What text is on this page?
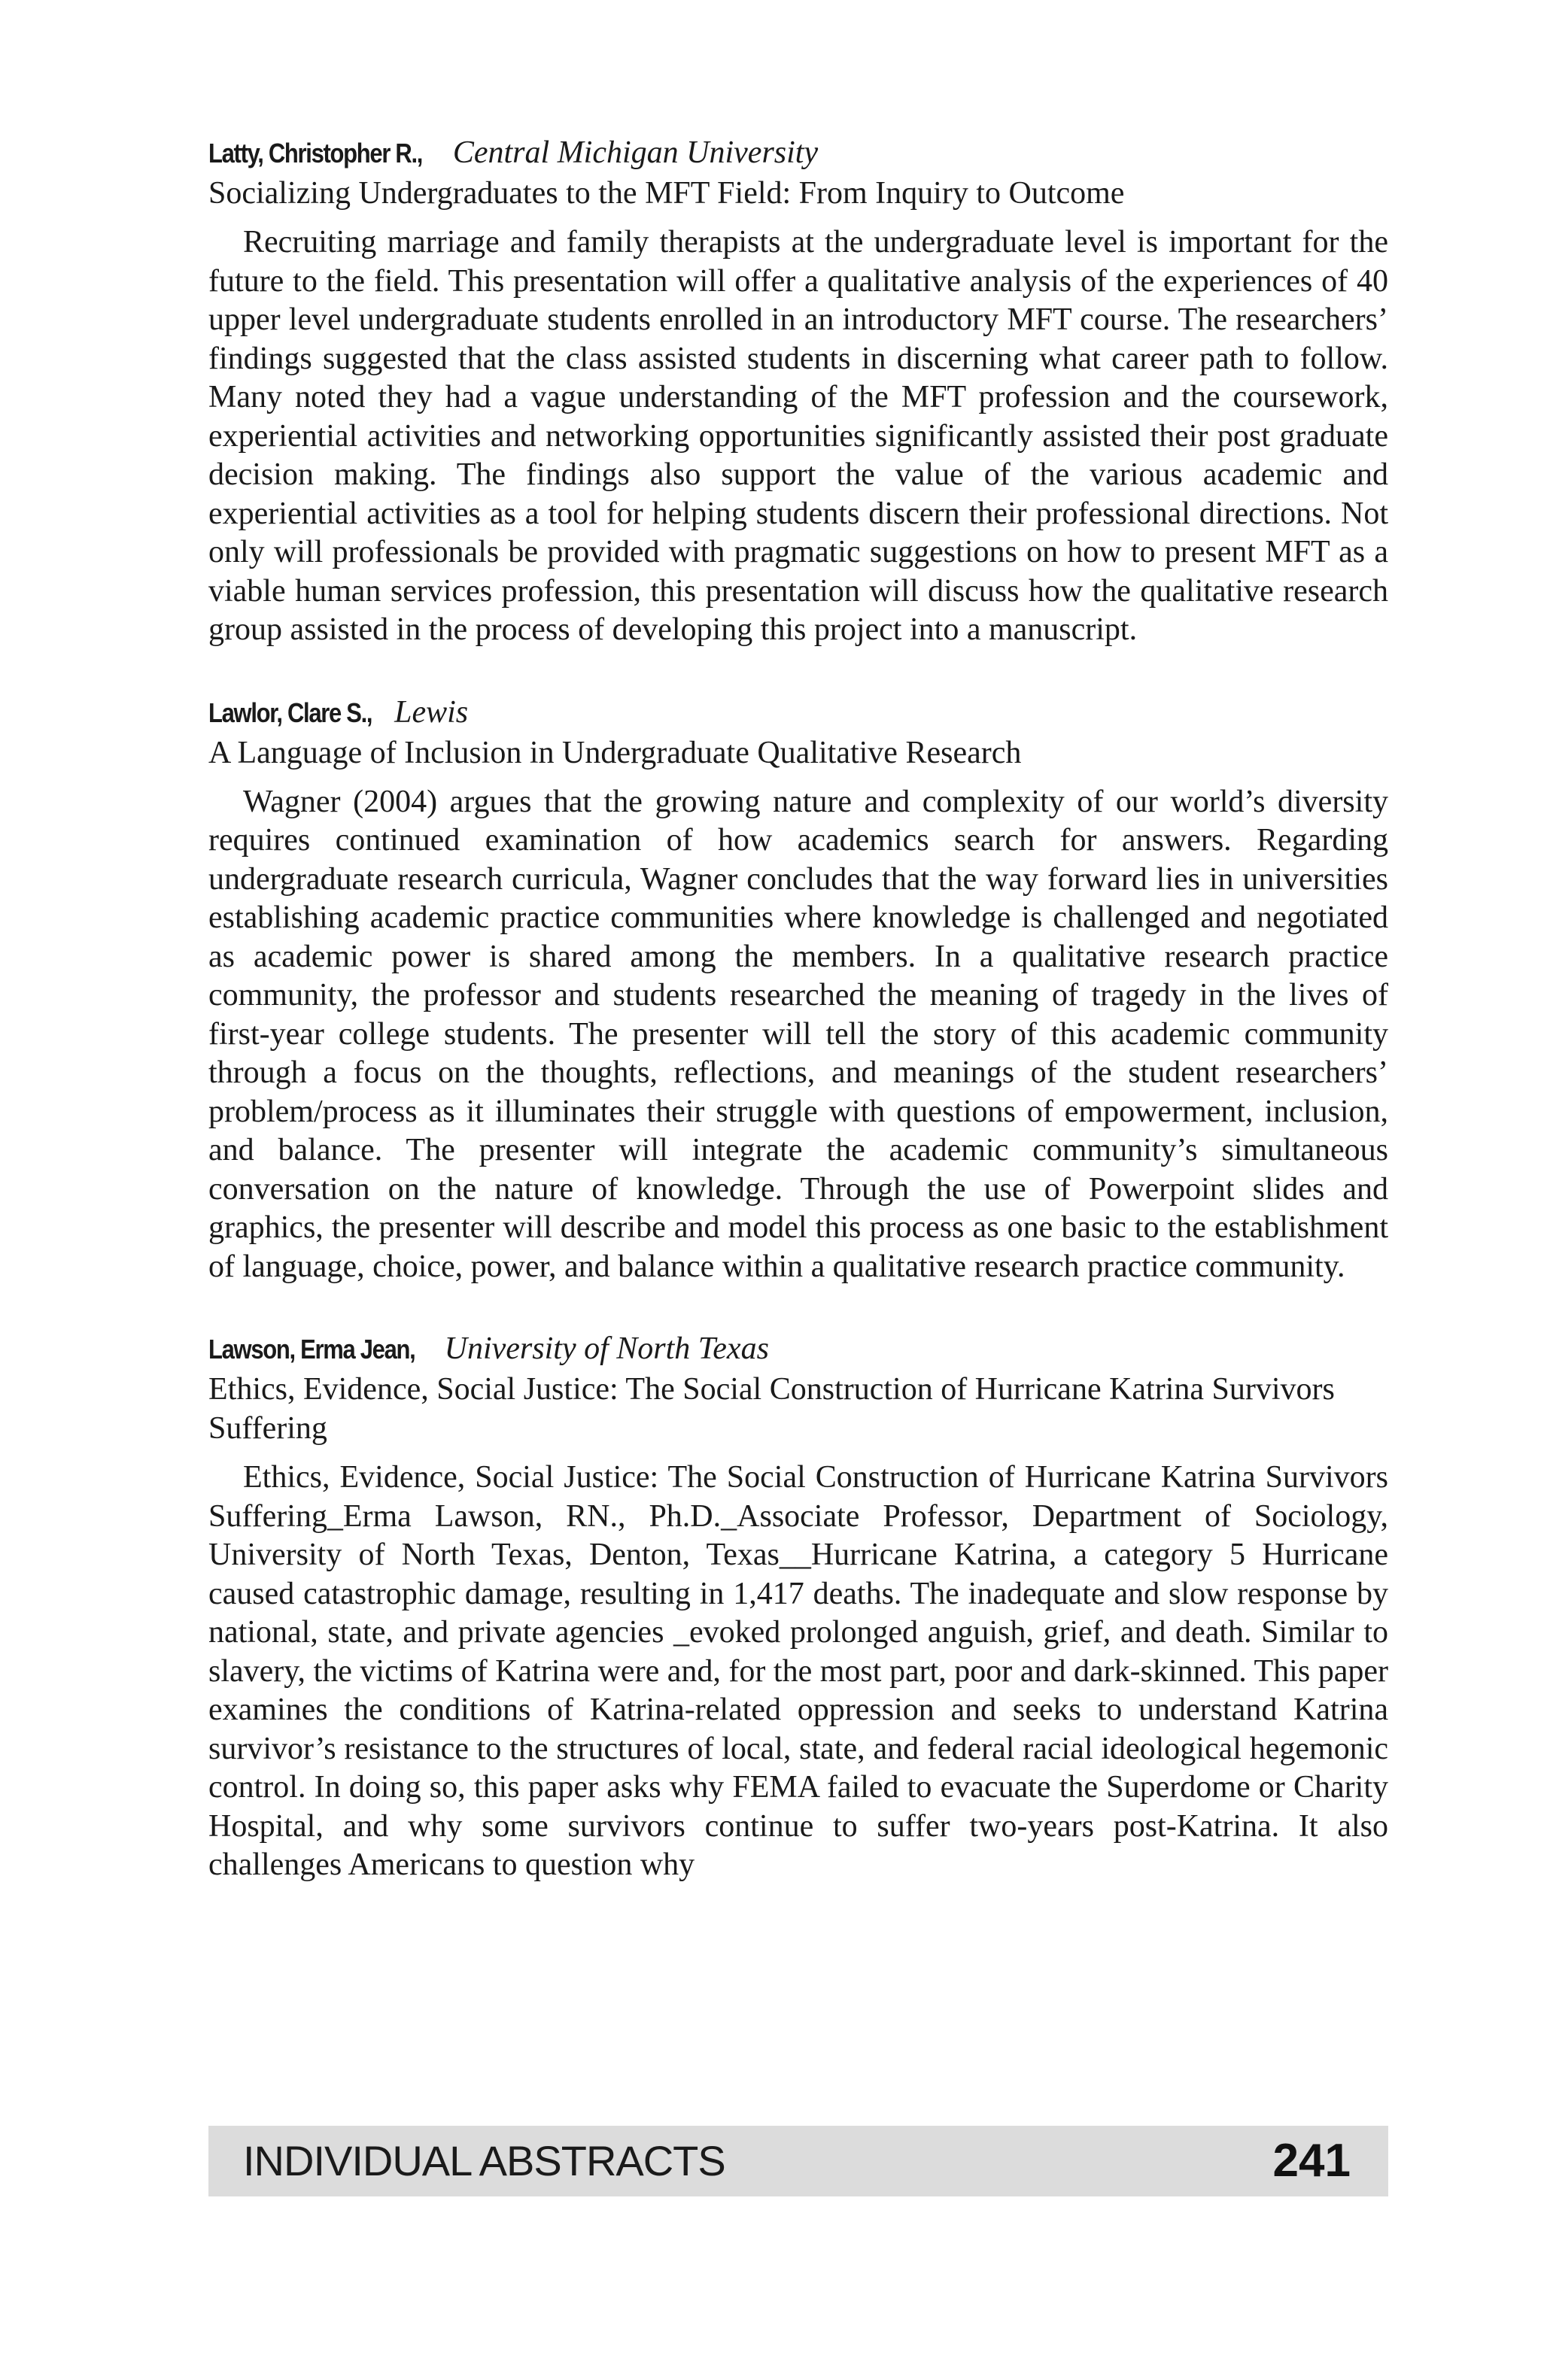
Latty, Christopher R., Central Michigan University

Socializing Undergraduates to the MFT Field: From Inquiry to Outcome

Recruiting marriage and family therapists at the undergraduate level is important for the future to the field. This presentation will offer a qualitative analysis of the experiences of 40 upper level undergraduate students enrolled in an introductory MFT course. The researchers’ findings suggested that the class assisted students in discerning what career path to follow. Many noted they had a vague understanding of the MFT profession and the coursework, experiential activities and networking opportunities significantly assisted their post graduate decision making. The findings also support the value of the various academic and experiential activities as a tool for helping students discern their professional directions. Not only will professionals be provided with pragmatic suggestions on how to present MFT as a viable human services profession, this presentation will discuss how the qualitative research group assisted in the process of developing this project into a manuscript.

Lawlor, Clare S., Lewis

A Language of Inclusion in Undergraduate Qualitative Research

Wagner (2004) argues that the growing nature and complexity of our world’s diversity requires continued examination of how academics search for answers. Regarding undergraduate research curricula, Wagner concludes that the way forward lies in universities establishing academic practice communities where knowledge is challenged and negotiated as academic power is shared among the members. In a qualitative research practice community, the professor and students researched the meaning of tragedy in the lives of first-year college students. The presenter will tell the story of this academic community through a focus on the thoughts, reflections, and meanings of the student researchers’ problem/process as it illuminates their struggle with questions of empowerment, inclusion, and balance. The presenter will integrate the academic community’s simultaneous conversation on the nature of knowledge. Through the use of Powerpoint slides and graphics, the presenter will describe and model this process as one basic to the establishment of language, choice, power, and balance within a qualitative research practice community.

Lawson, Erma Jean, University of North Texas

Ethics, Evidence, Social Justice: The Social Construction of Hurricane Katrina Survivors Suffering

Ethics, Evidence, Social Justice: The Social Construction of Hurricane Katrina Survivors Suffering_Erma Lawson, RN., Ph.D._Associate Professor, Department of Sociology, University of North Texas, Denton, Texas__Hurricane Katrina, a category 5 Hurricane caused catastrophic damage, resulting in 1,417 deaths. The inadequate and slow response by national, state, and private agencies _evoked prolonged anguish, grief, and death. Similar to slavery, the victims of Katrina were and, for the most part, poor and dark-skinned. This paper examines the conditions of Katrina-related oppression and seeks to understand Katrina survivor’s resistance to the structures of local, state, and federal racial ideological hegemonic control. In doing so, this paper asks why FEMA failed to evacuate the Superdome or Charity Hospital, and why some survivors continue to suffer two-years post-Katrina. It also challenges Americans to question why

INDIVIDUAL ABSTRACTS	241
